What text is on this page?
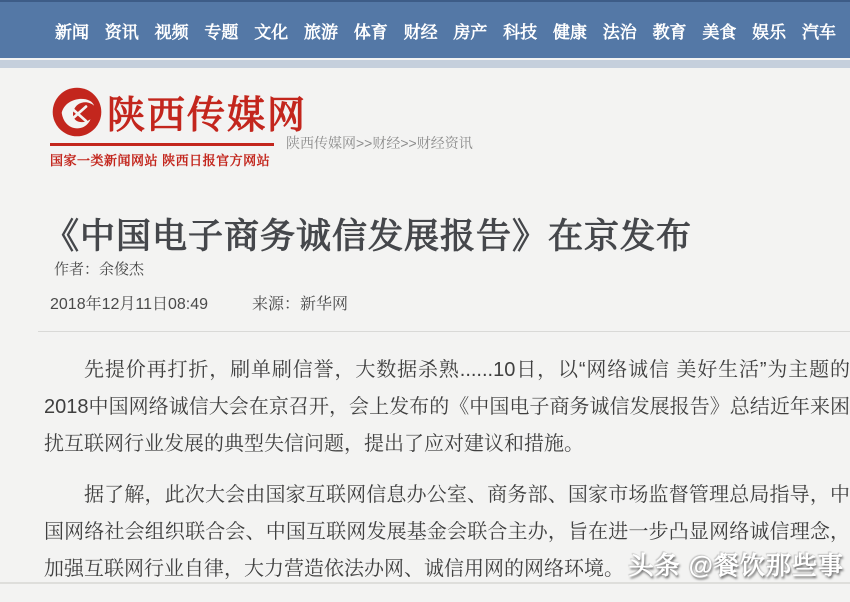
新闻 资讯 视频 专题 文化 旅游 体育 财经 房产 科技 健康 法治 教育 美食 娱乐 汽车
陕西传媒网
国家一类新闻网站 陕西日报官方网站
陕西传媒网>>财经>>财经资讯
《中国电子商务诚信发展报告》在京发布
作者：余俊杰
2018年12月11日08:49	来源：新华网

先提价再打折，刷单刷信誉，大数据杀熟......10日，以“网络诚信 美好生活”为主题的2018中国网络诚信大会在京召开，会上发布的《中国电子商务诚信发展报告》总结近年来困扰互联网行业发展的典型失信问题，提出了应对建议和措施。

据了解，此次大会由国家互联网信息办公室、商务部、国家市场监督管理总局指导，中国网络社会组织联合会、中国互联网发展基金会联合主办，旨在进一步凸显网络诚信理念，加强互联网行业自律，大力营造依法办网、诚信用网的网络环境。 头条 @餐饮那些事
